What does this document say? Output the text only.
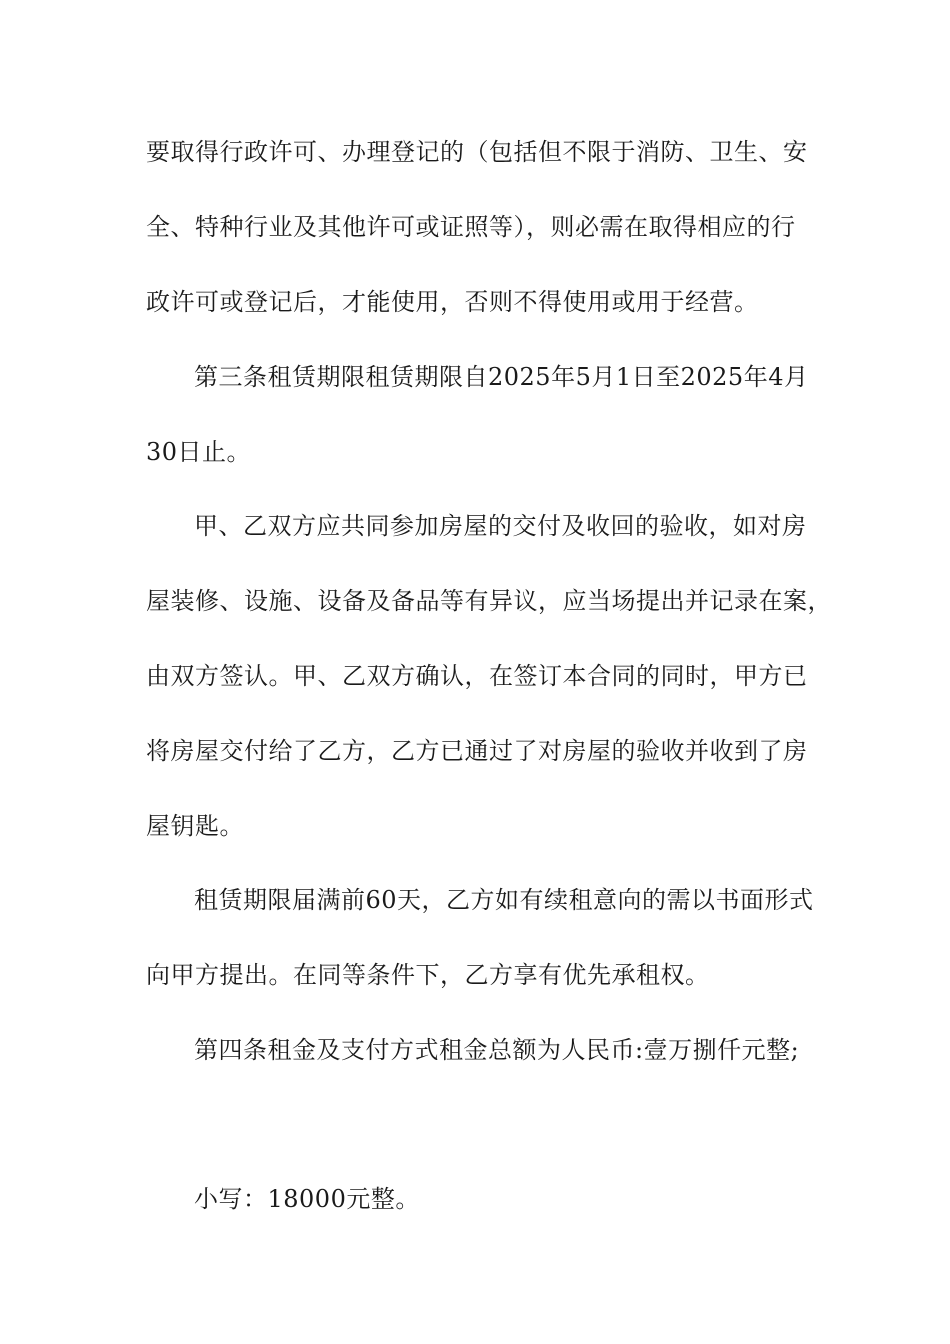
要取得行政许可、办理登记的（包括但不限于消防、卫生、安
全、特种行业及其他许可或证照等），则必需在取得相应的行
政许可或登记后，才能使用，否则不得使用或用于经营。
第三条租赁期限租赁期限自2025年5月1日至2025年4月
30日止。
甲、乙双方应共同参加房屋的交付及收回的验收，如对房
屋装修、设施、设备及备品等有异议，应当场提出并记录在案，
由双方签认。甲、乙双方确认，在签订本合同的同时，甲方已
将房屋交付给了乙方，乙方已通过了对房屋的验收并收到了房
屋钥匙。
租赁期限届满前60天，乙方如有续租意向的需以书面形式
向甲方提出。在同等条件下，乙方享有优先承租权。
第四条租金及支付方式租金总额为人民币:壹万捌仟元整;
小写：18000元整。
